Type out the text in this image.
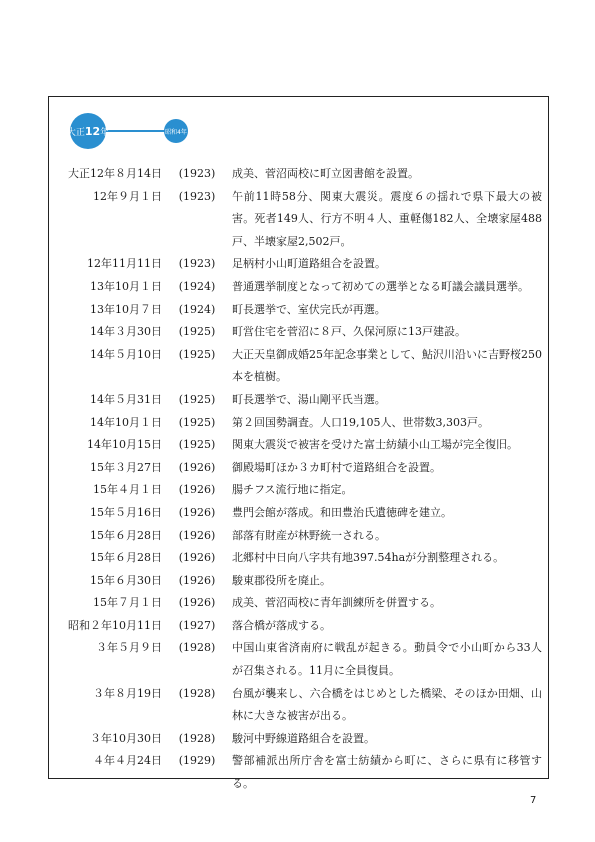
大正 12 年	昭和4年
大正12年８月14日	(1923)	成美、菅沼両校に町立図書館を設置。
12年９月１日	(1923)	午前11時58分、関東大震災。震度６の揺れで県下最大の被害。死者149人、行方不明４人、重軽傷182人、全壊家屋488戸、半壊家屋2,502戸。
12年11月11日	(1923)	足柄村小山町道路組合を設置。
13年10月１日	(1924)	普通選挙制度となって初めての選挙となる町議会議員選挙。
13年10月７日	(1924)	町長選挙で、室伏完氏が再選。
14年３月30日	(1925)	町営住宅を菅沼に８戸、久保河原に13戸建設。
14年５月10日	(1925)	大正天皇御成婚25年記念事業として、鮎沢川沿いに吉野桜250本を植樹。
14年５月31日	(1925)	町長選挙で、湯山剛平氏当選。
14年10月１日	(1925)	第２回国勢調査。人口19,105人、世帯数3,303戸。
14年10月15日	(1925)	関東大震災で被害を受けた富士紡績小山工場が完全復旧。
15年３月27日	(1926)	御殿場町ほか３カ町村で道路組合を設置。
15年４月１日	(1926)	腸チフス流行地に指定。
15年５月16日	(1926)	豊門会館が落成。和田豊治氏遺徳碑を建立。
15年６月28日	(1926)	部落有財産が林野統一される。
15年６月28日	(1926)	北郷村中日向八字共有地397.54haが分割整理される。
15年６月30日	(1926)	駿東郡役所を廃止。
15年７月１日	(1926)	成美、菅沼両校に青年訓練所を併置する。
昭和２年10月11日	(1927)	落合橋が落成する。
３年５月９日	(1928)	中国山東省済南府に戦乱が起きる。動員令で小山町から33人が召集される。11月に全員復員。
３年８月19日	(1928)	台風が襲来し、六合橋をはじめとした橋梁、そのほか田畑、山林に大きな被害が出る。
３年10月30日	(1928)	駿河中野線道路組合を設置。
４年４月24日	(1929)	警部補派出所庁舎を富士紡績から町に、さらに県有に移管する。
7
